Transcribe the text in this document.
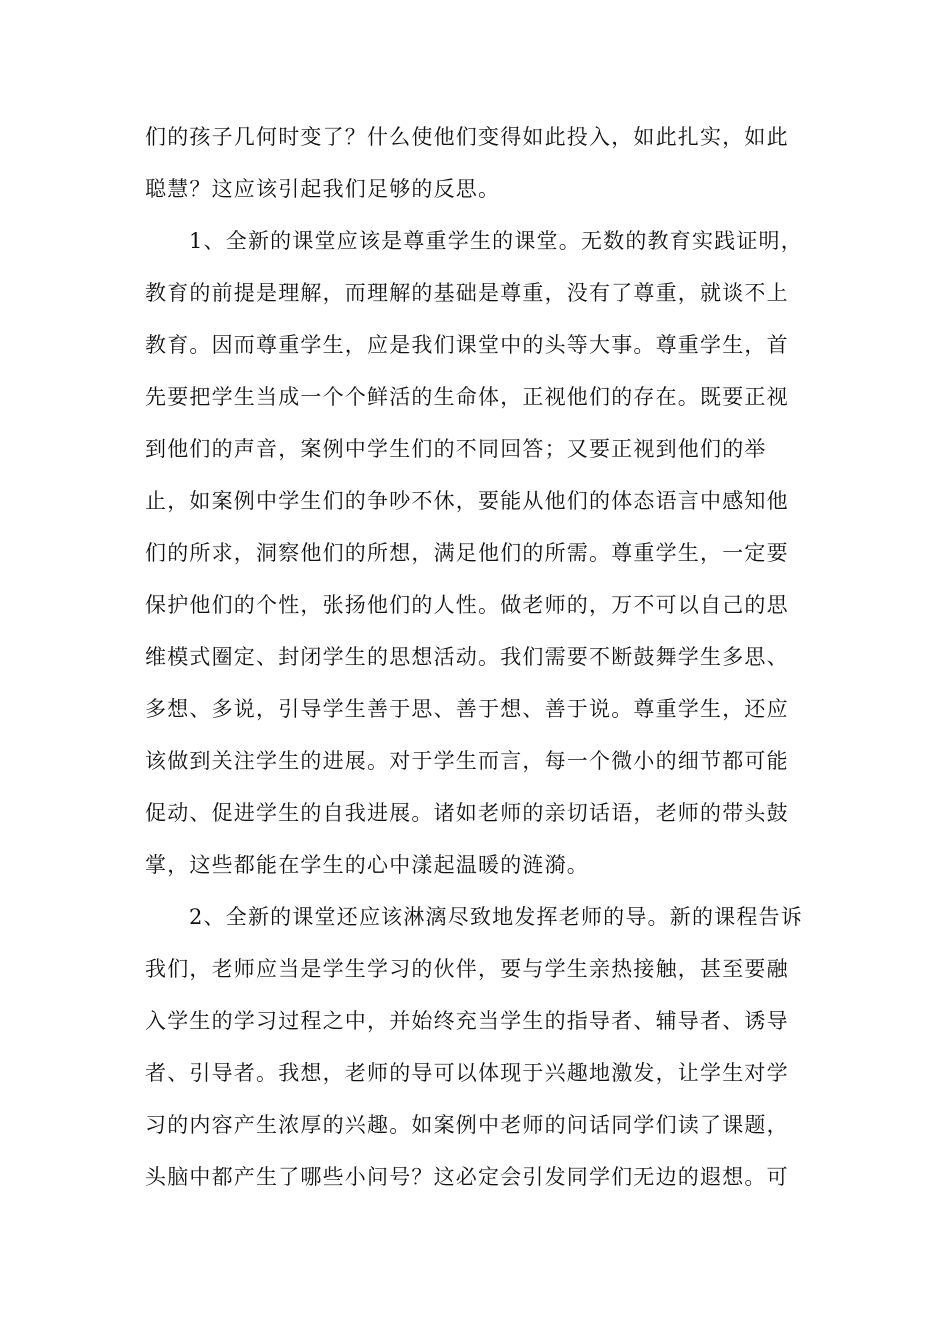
们的孩子几何时变了？什么使他们变得如此投入，如此扎实，如此
聪慧？这应该引起我们足够的反思。
1、全新的课堂应该是尊重学生的课堂。无数的教育实践证明，
教育的前提是理解，而理解的基础是尊重，没有了尊重，就谈不上
教育。因而尊重学生，应是我们课堂中的头等大事。尊重学生，首
先要把学生当成一个个鲜活的生命体，正视他们的存在。既要正视
到他们的声音，案例中学生们的不同回答；又要正视到他们的举
止，如案例中学生们的争吵不休，要能从他们的体态语言中感知他
们的所求，洞察他们的所想，满足他们的所需。尊重学生，一定要
保护他们的个性，张扬他们的人性。做老师的，万不可以自己的思
维模式圈定、封闭学生的思想活动。我们需要不断鼓舞学生多思、
多想、多说，引导学生善于思、善于想、善于说。尊重学生，还应
该做到关注学生的进展。对于学生而言，每一个微小的细节都可能
促动、促进学生的自我进展。诸如老师的亲切话语，老师的带头鼓
掌，这些都能在学生的心中漾起温暖的涟漪。
2、全新的课堂还应该淋漓尽致地发挥老师的导。新的课程告诉
我们，老师应当是学生学习的伙伴，要与学生亲热接触，甚至要融
入学生的学习过程之中，并始终充当学生的指导者、辅导者、诱导
者、引导者。我想，老师的导可以体现于兴趣地激发，让学生对学
习的内容产生浓厚的兴趣。如案例中老师的问话同学们读了课题，
头脑中都产生了哪些小问号？这必定会引发同学们无边的遐想。可
